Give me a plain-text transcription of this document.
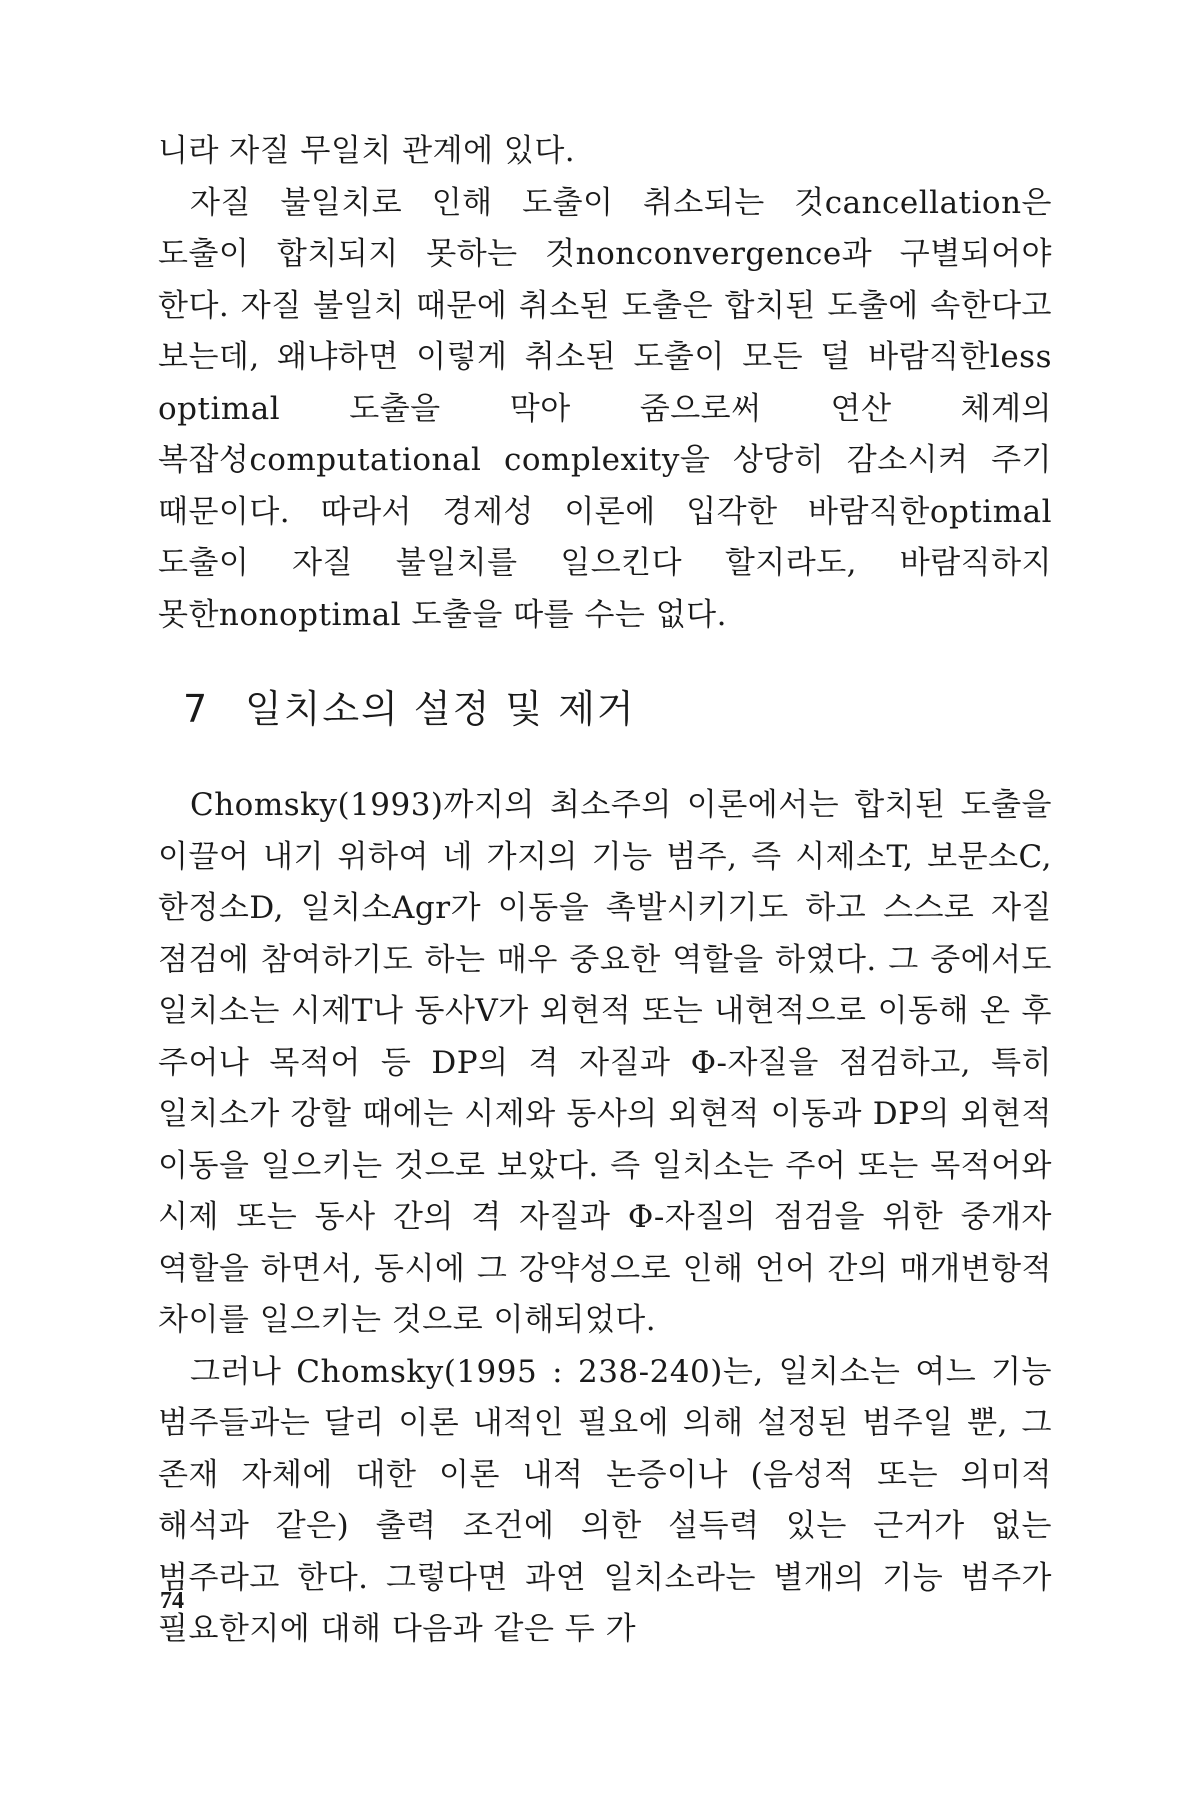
니라 자질 무일치 관계에 있다.

자질 불일치로 인해 도출이 취소되는 것cancellation은 도출이 합치되지 못하는 것nonconvergence과 구별되어야 한다. 자질 불일치 때문에 취소된 도출은 합치된 도출에 속한다고 보는데, 왜냐하면 이렇게 취소된 도출이 모든 덜 바람직한less optimal 도출을 막아 줌으로써 연산 체계의 복잡성computational complexity을 상당히 감소시켜 주기 때문이다. 따라서 경제성 이론에 입각한 바람직한optimal 도출이 자질 불일치를 일으킨다 할지라도, 바람직하지 못한nonoptimal 도출을 따를 수는 없다.

7 일치소의 설정 및 제거

Chomsky(1993)까지의 최소주의 이론에서는 합치된 도출을 이끌어 내기 위하여 네 가지의 기능 범주, 즉 시제소T, 보문소C, 한정소D, 일치소Agr가 이동을 촉발시키기도 하고 스스로 자질 점검에 참여하기도 하는 매우 중요한 역할을 하였다. 그 중에서도 일치소는 시제T나 동사V가 외현적 또는 내현적으로 이동해 온 후 주어나 목적어 등 DP의 격 자질과 Φ-자질을 점검하고, 특히 일치소가 강할 때에는 시제와 동사의 외현적 이동과 DP의 외현적 이동을 일으키는 것으로 보았다. 즉 일치소는 주어 또는 목적어와 시제 또는 동사 간의 격 자질과 Φ-자질의 점검을 위한 중개자 역할을 하면서, 동시에 그 강약성으로 인해 언어 간의 매개변항적 차이를 일으키는 것으로 이해되었다.

그러나 Chomsky(1995 : 238-240)는, 일치소는 여느 기능 범주들과는 달리 이론 내적인 필요에 의해 설정된 범주일 뿐, 그 존재 자체에 대한 이론 내적 논증이나 (음성적 또는 의미적 해석과 같은) 출력 조건에 의한 설득력 있는 근거가 없는 범주라고 한다. 그렇다면 과연 일치소라는 별개의 기능 범주가 필요한지에 대해 다음과 같은 두 가

74
